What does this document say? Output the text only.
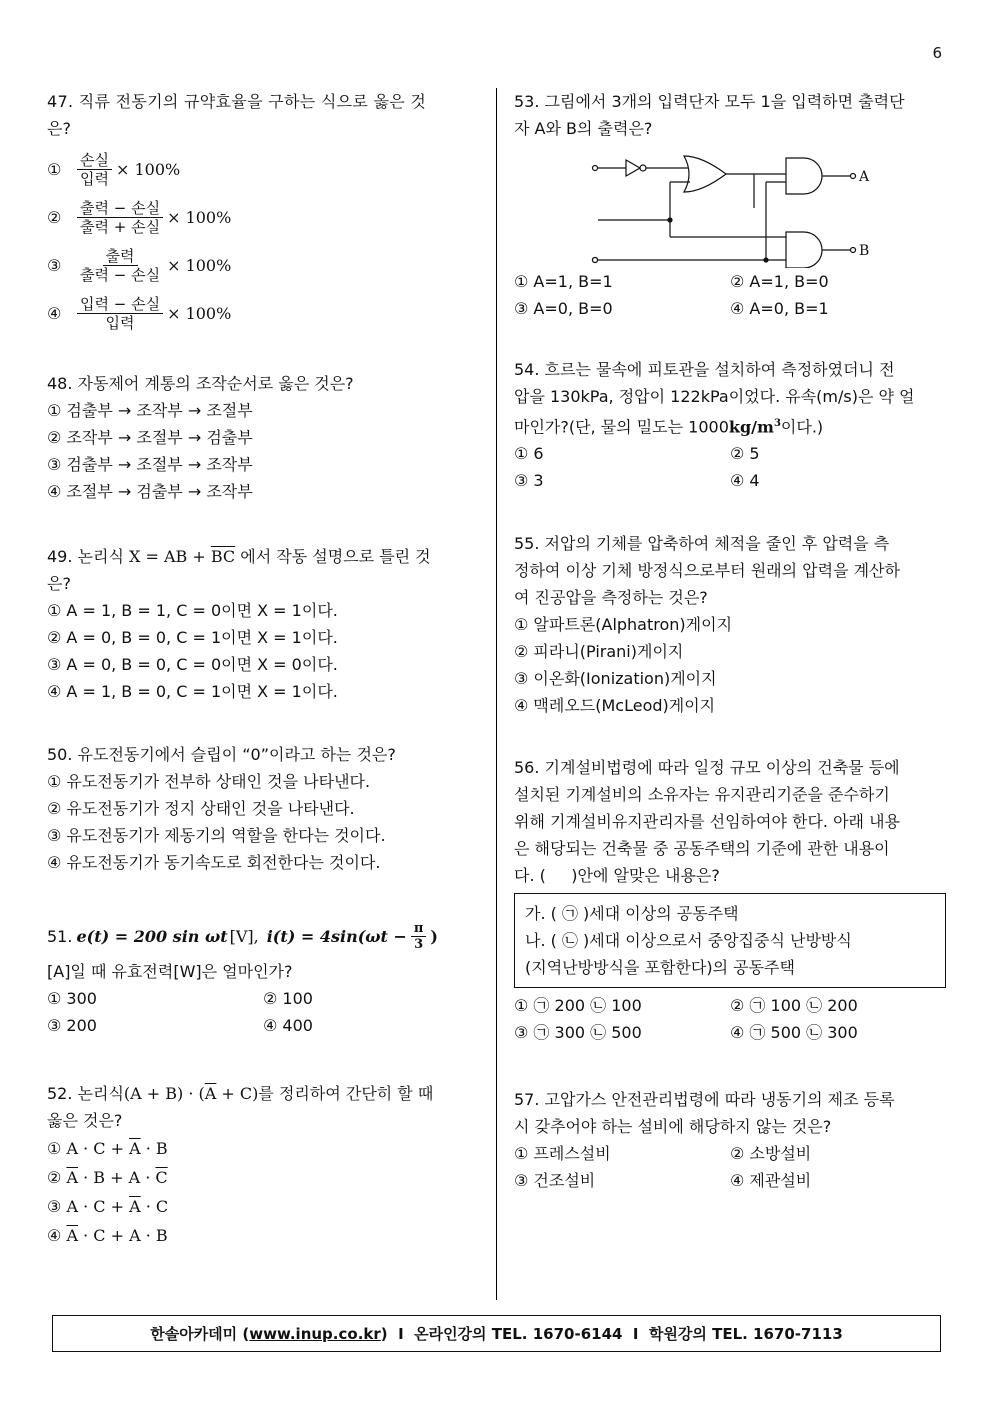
6
47. 직류 전동기의 규약효율을 구하는 식으로 옳은 것
은?
①	$\frac{\text{손실}}{\text{입력}} \times 100\%$
②	$\frac{\text{출력 − 손실}}{\text{출력 + 손실}} \times 100\%$
③	$\frac{\text{출력}}{\text{출력 − 손실}} \times 100\%$
④	$\frac{\text{입력 − 손실}}{\text{입력}} \times 100\%$
48. 자동제어 계통의 조작순서로 옳은 것은?
① 검출부 → 조작부 → 조절부
② 조작부 → 조절부 → 검출부
③ 검출부 → 조절부 → 조작부
④ 조절부 → 검출부 → 조작부
49. 논리식 X = AB + $\overline{BC}$ 에서 작동 설명으로 틀린 것
은?
① A = 1, B = 1, C = 0이면 X = 1이다.
② A = 0, B = 0, C = 1이면 X = 1이다.
③ A = 0, B = 0, C = 0이면 X = 0이다.
④ A = 1, B = 0, C = 1이면 X = 1이다.
50. 유도전동기에서 슬립이 “0”이라고 하는 것은?
① 유도전동기가 전부하 상태인 것을 나타낸다.
② 유도전동기가 정지 상태인 것을 나타낸다.
③ 유도전동기가 제동기의 역할을 한다는 것이다.
④ 유도전동기가 동기속도로 회전한다는 것이다.
51. e(t) = 200 sin ωt [V], $i(t) = 4\sin(\omega t - \frac{\pi}{3}$ )
[A]일 때 유효전력[W]은 얼마인가?
① 300	② 100
③ 200	④ 400
52. 논리식$(A + B) \cdot (\overline{A} + C)$를 정리하여 간단히 할 때
옳은 것은?
① $A \cdot C + \overline{A} \cdot B$
② $\overline{A} \cdot B + A \cdot \overline{C}$
③ $A \cdot C + \overline{A} \cdot C$
④ $\overline{A} \cdot C + A \cdot B$
53. 그림에서 3개의 입력단자 모두 1을 입력하면 출력단
자 A와 B의 출력은?
A
B
① A=1, B=1	② A=1, B=0
③ A=0, B=0	④ A=0, B=1
54. 흐르는 물속에 피토관을 설치하여 측정하였더니 전
압을 130kPa, 정압이 122kPa이었다. 유속(m/s)은 약 얼
마인가?(단, 물의 밀도는 $1000kg/m^3$이다.)
① 6	② 5
③ 3	④ 4
55. 저압의 기체를 압축하여 체적을 줄인 후 압력을 측
정하여 이상 기체 방정식으로부터 원래의 압력을 계산하
여 진공압을 측정하는 것은?
① 알파트론(Alphatron)게이지
② 피라니(Pirani)게이지
③ 이온화(Ionization)게이지
④ 맥레오드(McLeod)게이지
56. 기계설비법령에 따라 일정 규모 이상의 건축물 등에
설치된 기계설비의 소유자는 유지관리기준을 준수하기
위해 기계설비유지관리자를 선임하여야 한다. 아래 내용
은 해당되는 건축물 중 공동주택의 기준에 관한 내용이
다. (     )안에 알맞은 내용은?
가. ( ㉠ )세대 이상의 공동주택
나. ( ㉡ )세대 이상으로서 중앙집중식 난방방식
(지역난방방식을 포함한다)의 공동주택
① ㉠ 200 ㉡ 100	② ㉠ 100 ㉡ 200
③ ㉠ 300 ㉡ 500	④ ㉠ 500 ㉡ 300
57. 고압가스 안전관리법령에 따라 냉동기의 제조 등록
시 갖추어야 하는 설비에 해당하지 않는 것은?
① 프레스설비	② 소방설비
③ 건조설비	④ 제관설비
한솔아카데미 ( www.inup.co.kr )  I  온라인강의 TEL. 1670-6144  I  학원강의 TEL. 1670-7113
